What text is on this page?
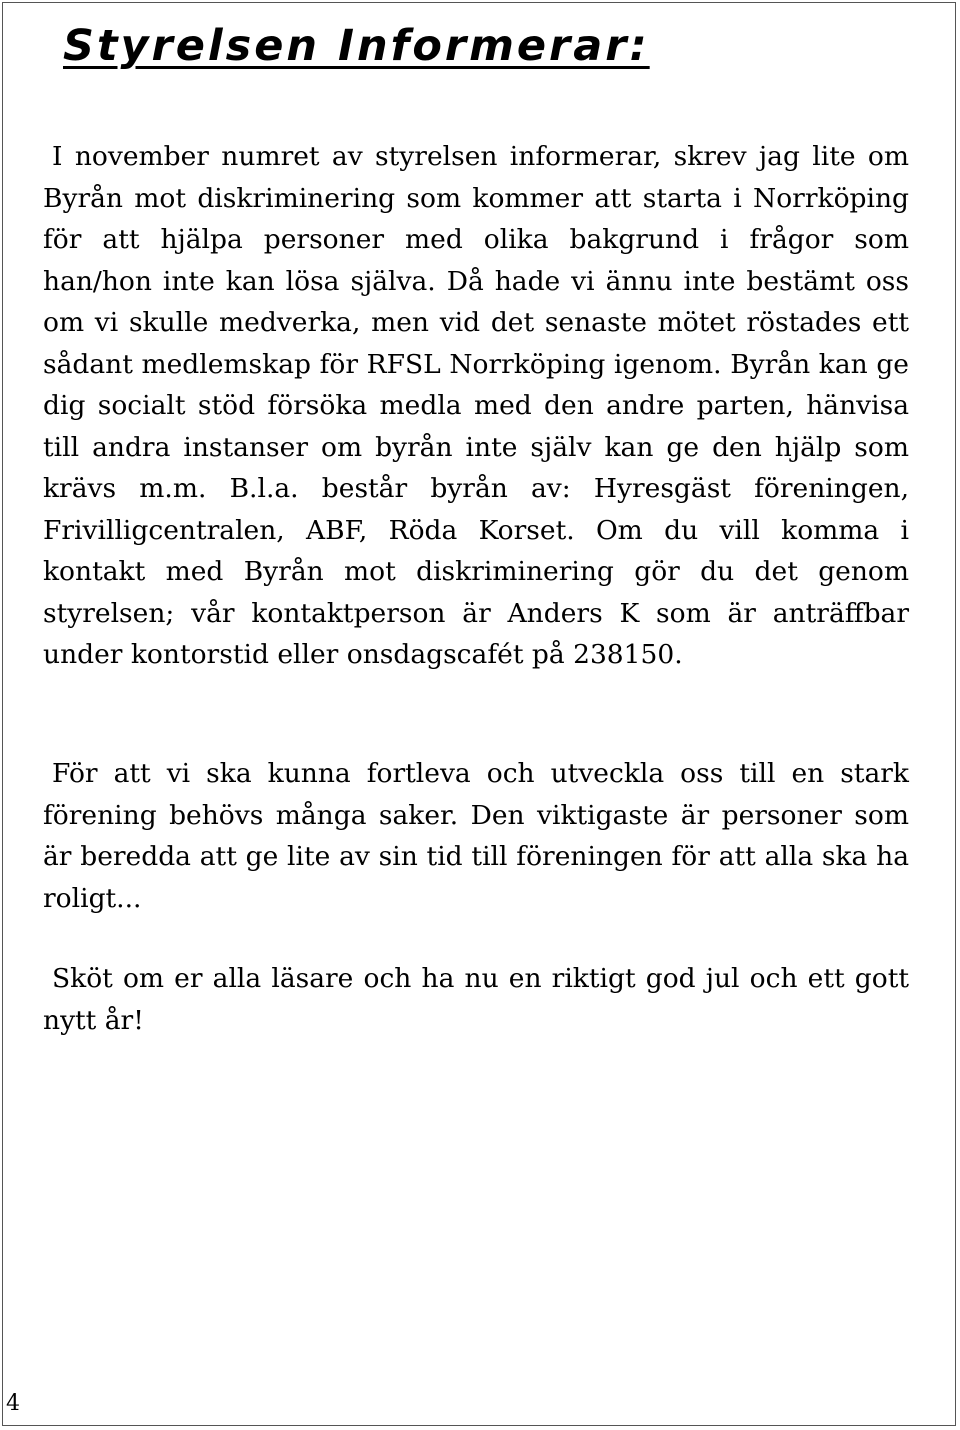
Styrelsen Informerar:

I november numret av styrelsen informerar, skrev jag lite om Byrån mot diskriminering som kommer att starta i Norrköping för att hjälpa personer med olika bakgrund i frågor som han/hon inte kan lösa själva. Då hade vi ännu inte bestämt oss om vi skulle medverka, men vid det senaste mötet röstades ett sådant medlemskap för RFSL Norrköping igenom. Byrån kan ge dig socialt stöd försöka medla med den andre parten, hänvisa till andra instanser om byrån inte själv kan ge den hjälp som krävs m.m. B.l.a. består byrån av: Hyresgäst föreningen, Frivilligcentralen, ABF, Röda Korset. Om du vill komma i kontakt med Byrån mot diskriminering gör du det genom styrelsen; vår kontaktperson är Anders K som är anträffbar under kontorstid eller onsdagscafét på 238150.

För att vi ska kunna fortleva och utveckla oss till en stark förening behövs många saker. Den viktigaste är personer som är beredda att ge lite av sin tid till föreningen för att alla ska ha roligt...

Sköt om er alla läsare och ha nu en riktigt god jul och ett gott nytt år!

4
